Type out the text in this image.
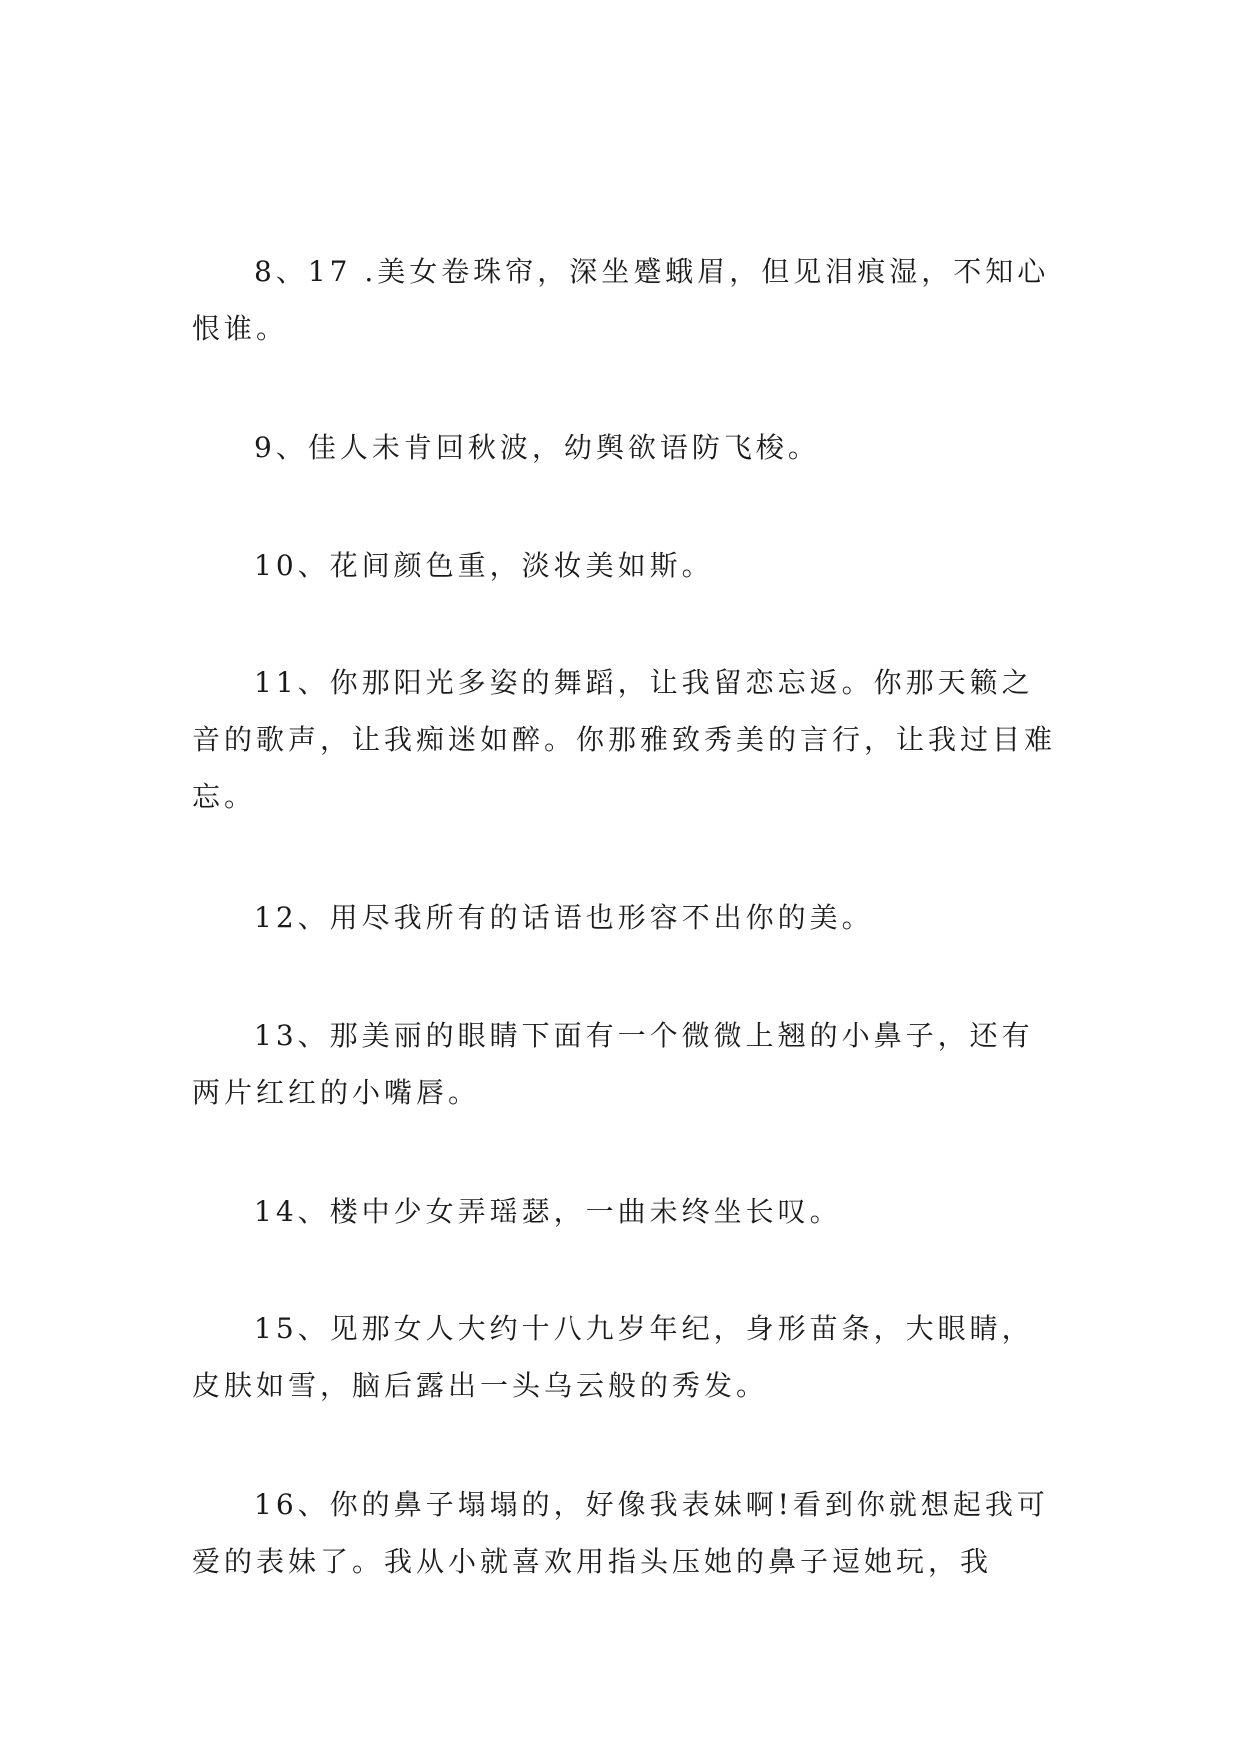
8、17 .美女卷珠帘，深坐蹙蛾眉，但见泪痕湿，不知心恨谁。

9、佳人未肯回秋波，幼舆欲语防飞梭。

10、花间颜色重，淡妆美如斯。

11、你那阳光多姿的舞蹈，让我留恋忘返。你那天籁之音的歌声，让我痴迷如醉。你那雅致秀美的言行，让我过目难忘。

12、用尽我所有的话语也形容不出你的美。

13、那美丽的眼睛下面有一个微微上翘的小鼻子，还有两片红红的小嘴唇。

14、楼中少女弄瑶瑟，一曲未终坐长叹。

15、见那女人大约十八九岁年纪，身形苗条，大眼睛，皮肤如雪，脑后露出一头乌云般的秀发。

16、你的鼻子塌塌的，好像我表妹啊!看到你就想起我可爱的表妹了。我从小就喜欢用指头压她的鼻子逗她玩，我
